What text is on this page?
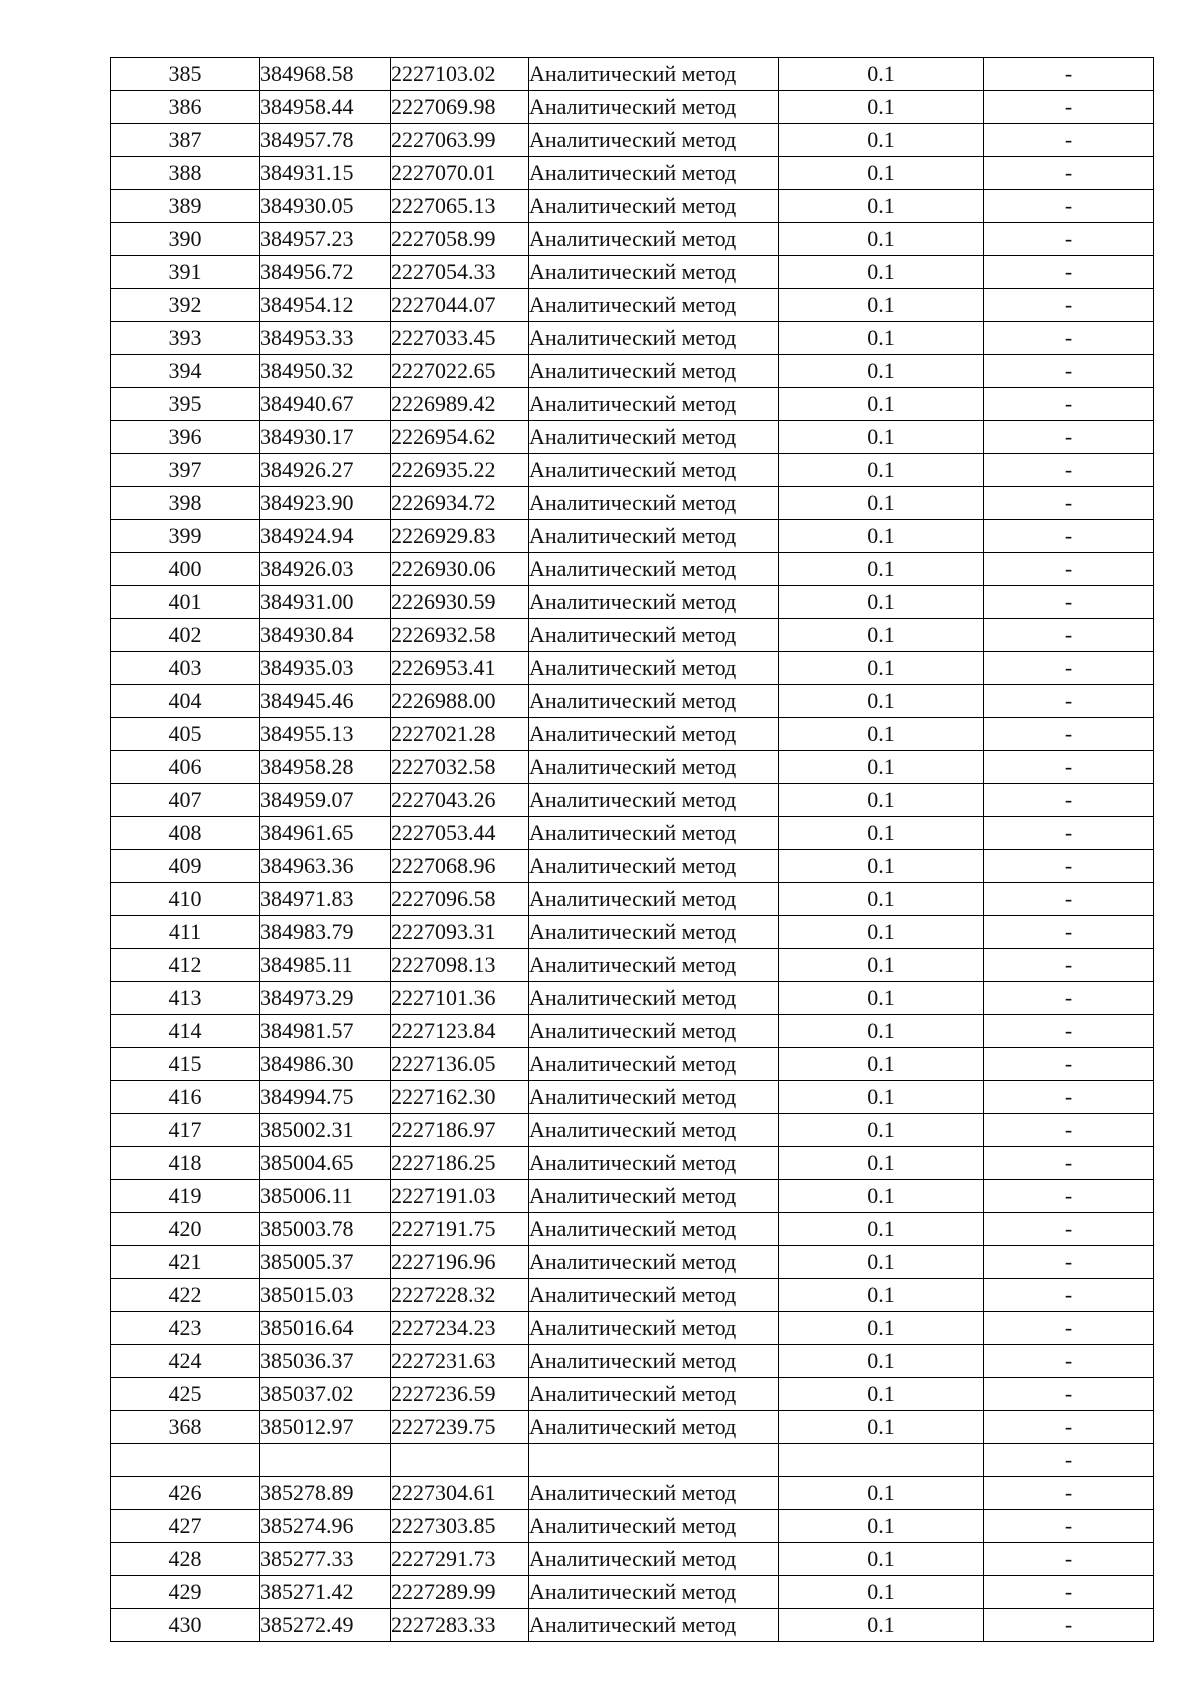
385	384968.58	2227103.02	Аналитический метод	0.1	-
386	384958.44	2227069.98	Аналитический метод	0.1	-
387	384957.78	2227063.99	Аналитический метод	0.1	-
388	384931.15	2227070.01	Аналитический метод	0.1	-
389	384930.05	2227065.13	Аналитический метод	0.1	-
390	384957.23	2227058.99	Аналитический метод	0.1	-
391	384956.72	2227054.33	Аналитический метод	0.1	-
392	384954.12	2227044.07	Аналитический метод	0.1	-
393	384953.33	2227033.45	Аналитический метод	0.1	-
394	384950.32	2227022.65	Аналитический метод	0.1	-
395	384940.67	2226989.42	Аналитический метод	0.1	-
396	384930.17	2226954.62	Аналитический метод	0.1	-
397	384926.27	2226935.22	Аналитический метод	0.1	-
398	384923.90	2226934.72	Аналитический метод	0.1	-
399	384924.94	2226929.83	Аналитический метод	0.1	-
400	384926.03	2226930.06	Аналитический метод	0.1	-
401	384931.00	2226930.59	Аналитический метод	0.1	-
402	384930.84	2226932.58	Аналитический метод	0.1	-
403	384935.03	2226953.41	Аналитический метод	0.1	-
404	384945.46	2226988.00	Аналитический метод	0.1	-
405	384955.13	2227021.28	Аналитический метод	0.1	-
406	384958.28	2227032.58	Аналитический метод	0.1	-
407	384959.07	2227043.26	Аналитический метод	0.1	-
408	384961.65	2227053.44	Аналитический метод	0.1	-
409	384963.36	2227068.96	Аналитический метод	0.1	-
410	384971.83	2227096.58	Аналитический метод	0.1	-
411	384983.79	2227093.31	Аналитический метод	0.1	-
412	384985.11	2227098.13	Аналитический метод	0.1	-
413	384973.29	2227101.36	Аналитический метод	0.1	-
414	384981.57	2227123.84	Аналитический метод	0.1	-
415	384986.30	2227136.05	Аналитический метод	0.1	-
416	384994.75	2227162.30	Аналитический метод	0.1	-
417	385002.31	2227186.97	Аналитический метод	0.1	-
418	385004.65	2227186.25	Аналитический метод	0.1	-
419	385006.11	2227191.03	Аналитический метод	0.1	-
420	385003.78	2227191.75	Аналитический метод	0.1	-
421	385005.37	2227196.96	Аналитический метод	0.1	-
422	385015.03	2227228.32	Аналитический метод	0.1	-
423	385016.64	2227234.23	Аналитический метод	0.1	-
424	385036.37	2227231.63	Аналитический метод	0.1	-
425	385037.02	2227236.59	Аналитический метод	0.1	-
368	385012.97	2227239.75	Аналитический метод	0.1	-
					-
426	385278.89	2227304.61	Аналитический метод	0.1	-
427	385274.96	2227303.85	Аналитический метод	0.1	-
428	385277.33	2227291.73	Аналитический метод	0.1	-
429	385271.42	2227289.99	Аналитический метод	0.1	-
430	385272.49	2227283.33	Аналитический метод	0.1	-
